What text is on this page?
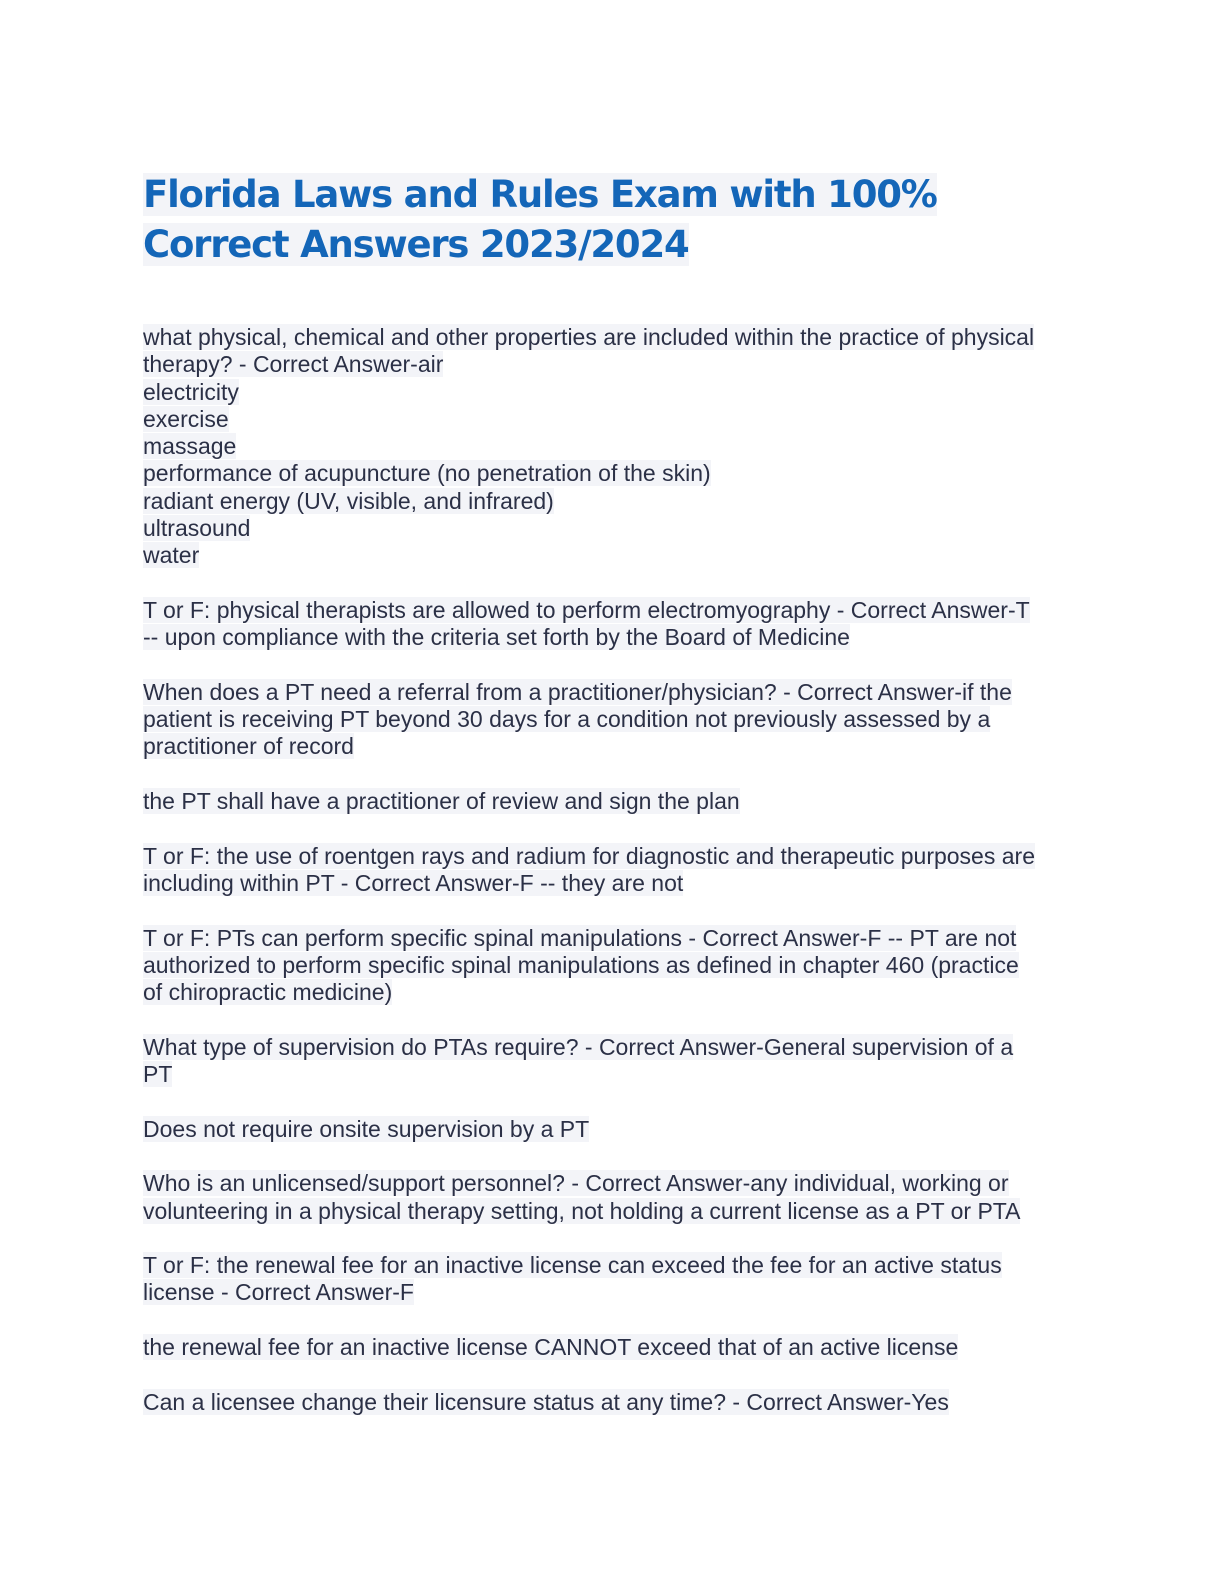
Florida Laws and Rules Exam with 100%
Correct Answers 2023/2024

what physical, chemical and other properties are included within the practice of physical
therapy? - Correct Answer-air
electricity
exercise
massage
performance of acupuncture (no penetration of the skin)
radiant energy (UV, visible, and infrared)
ultrasound
water

T or F: physical therapists are allowed to perform electromyography - Correct Answer-T
-- upon compliance with the criteria set forth by the Board of Medicine

When does a PT need a referral from a practitioner/physician? - Correct Answer-if the
patient is receiving PT beyond 30 days for a condition not previously assessed by a
practitioner of record

the PT shall have a practitioner of review and sign the plan

T or F: the use of roentgen rays and radium for diagnostic and therapeutic purposes are
including within PT - Correct Answer-F -- they are not

T or F: PTs can perform specific spinal manipulations - Correct Answer-F -- PT are not
authorized to perform specific spinal manipulations as defined in chapter 460 (practice
of chiropractic medicine)

What type of supervision do PTAs require? - Correct Answer-General supervision of a
PT

Does not require onsite supervision by a PT

Who is an unlicensed/support personnel? - Correct Answer-any individual, working or
volunteering in a physical therapy setting, not holding a current license as a PT or PTA

T or F: the renewal fee for an inactive license can exceed the fee for an active status
license - Correct Answer-F

the renewal fee for an inactive license CANNOT exceed that of an active license

Can a licensee change their licensure status at any time? - Correct Answer-Yes
